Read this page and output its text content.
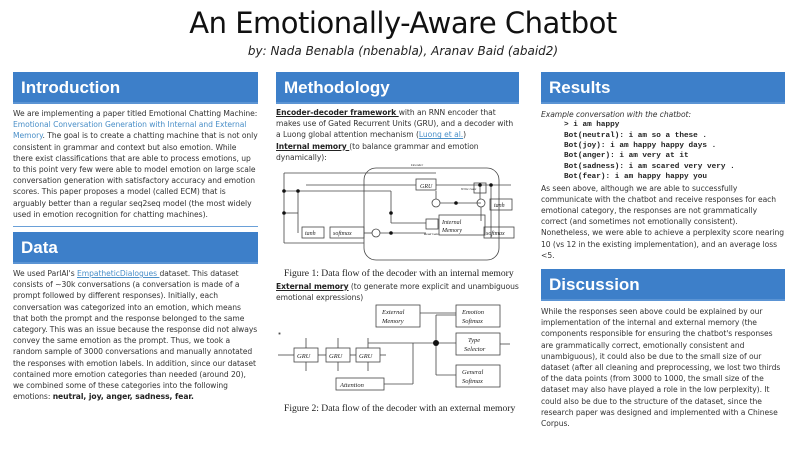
An Emotionally-Aware Chatbot
by: Nada Benabla (nbenabla), Aranav Baid (abaid2)
Introduction
We are implementing a paper titled Emotional Chatting Machine: Emotional Conversation Generation with Internal and External Memory. The goal is to create a chatting machine that is not only consistent in grammar and context but also emotion. While there exist classifications that are able to process emotions, up to this point very few were able to model emotion on large scale conversation generation with satisfactory accuracy and emotion scores. This paper proposes a model (called ECM) that is arguably better than a regular seq2seq model (the most widely used in emotion recognition for chatting machines).
Data
We used ParlAI's EmpatheticDialogues dataset. This dataset consists of ~30k conversations (a conversation is made of a prompt followed by different responses). Initially, each conversation was categorized into an emotion, which means that both the prompt and the response belonged to the same category. This was an issue because the response did not always convey the same emotion as the prompt. Thus, we took a random sample of 3000 conversations and manually annotated the responses with emotion labels. In addition, since our dataset contained more emotion categories than needed (around 20), we combined some of these categories into the following emotions: neutral, joy, anger, sadness, fear.
Methodology
Encoder-decoder framework with an RNN encoder that makes use of Gated Recurrent Units (GRU), and a decoder with a Luong global attention mechanism (Luong et al.)
Internal memory (to balance grammar and emotion dynamically):
Decoder
GRU
tanh	softmax
Internal
Memory
tanh
softmax
Write Gate
Read Gate
Figure 1: Data flow of the decoder with an internal memory
External memory (to generate more explicit and unambiguous emotional expressions)
External
Memory
Emotion
Softmax
Type
Selector
General
Softmax
GRU	GRU	GRU
Attention
Figure 2: Data flow of the decoder with an external memory
Results
Example conversation with the chatbot:
> i am happy
Bot(neutral): i am so a these .
Bot(joy): i am happy happy days .
Bot(anger): i am very at it
Bot(sadness): i am scared very very .
Bot(fear): i am happy happy you
As seen above, although we are able to successfully communicate with the chatbot and receive responses for each emotional category, the responses are not grammatically correct (and sometimes not emotionally consistent). Nonetheless, we were able to achieve a perplexity score nearing 10 (vs 12 in the existing implementation), and an average loss <5.
Discussion
While the responses seen above could be explained by our implementation of the internal and external memory (the components responsible for ensuring the chatbot's responses are grammatically correct, emotionally consistent and unambiguous), it could also be due to the small size of our dataset (after all cleaning and preprocessing, we lost two thirds of the data points (from 3000 to 1000, the small size of the dataset may also have played a role in the low perplexity). It could also be due to the structure of the dataset, since the research paper was designed and implemented with a Chinese Corpus.
